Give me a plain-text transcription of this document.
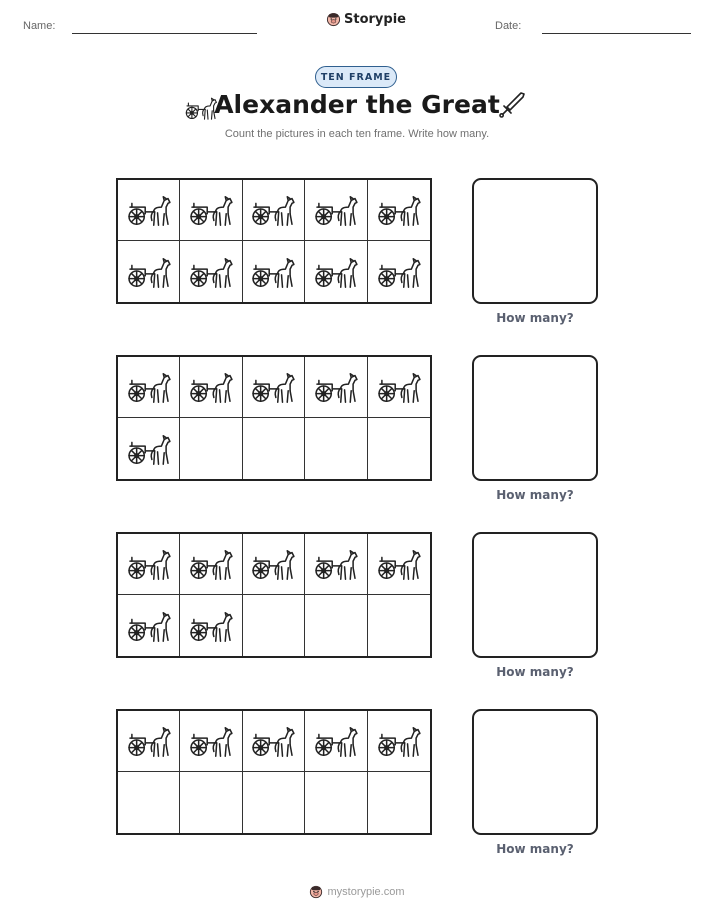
Name:	Storypie	Date:
TEN FRAME
Alexander the Great
Count the pictures in each ten frame. Write how many.
How many?
How many?
How many?
How many?
mystorypie.com
